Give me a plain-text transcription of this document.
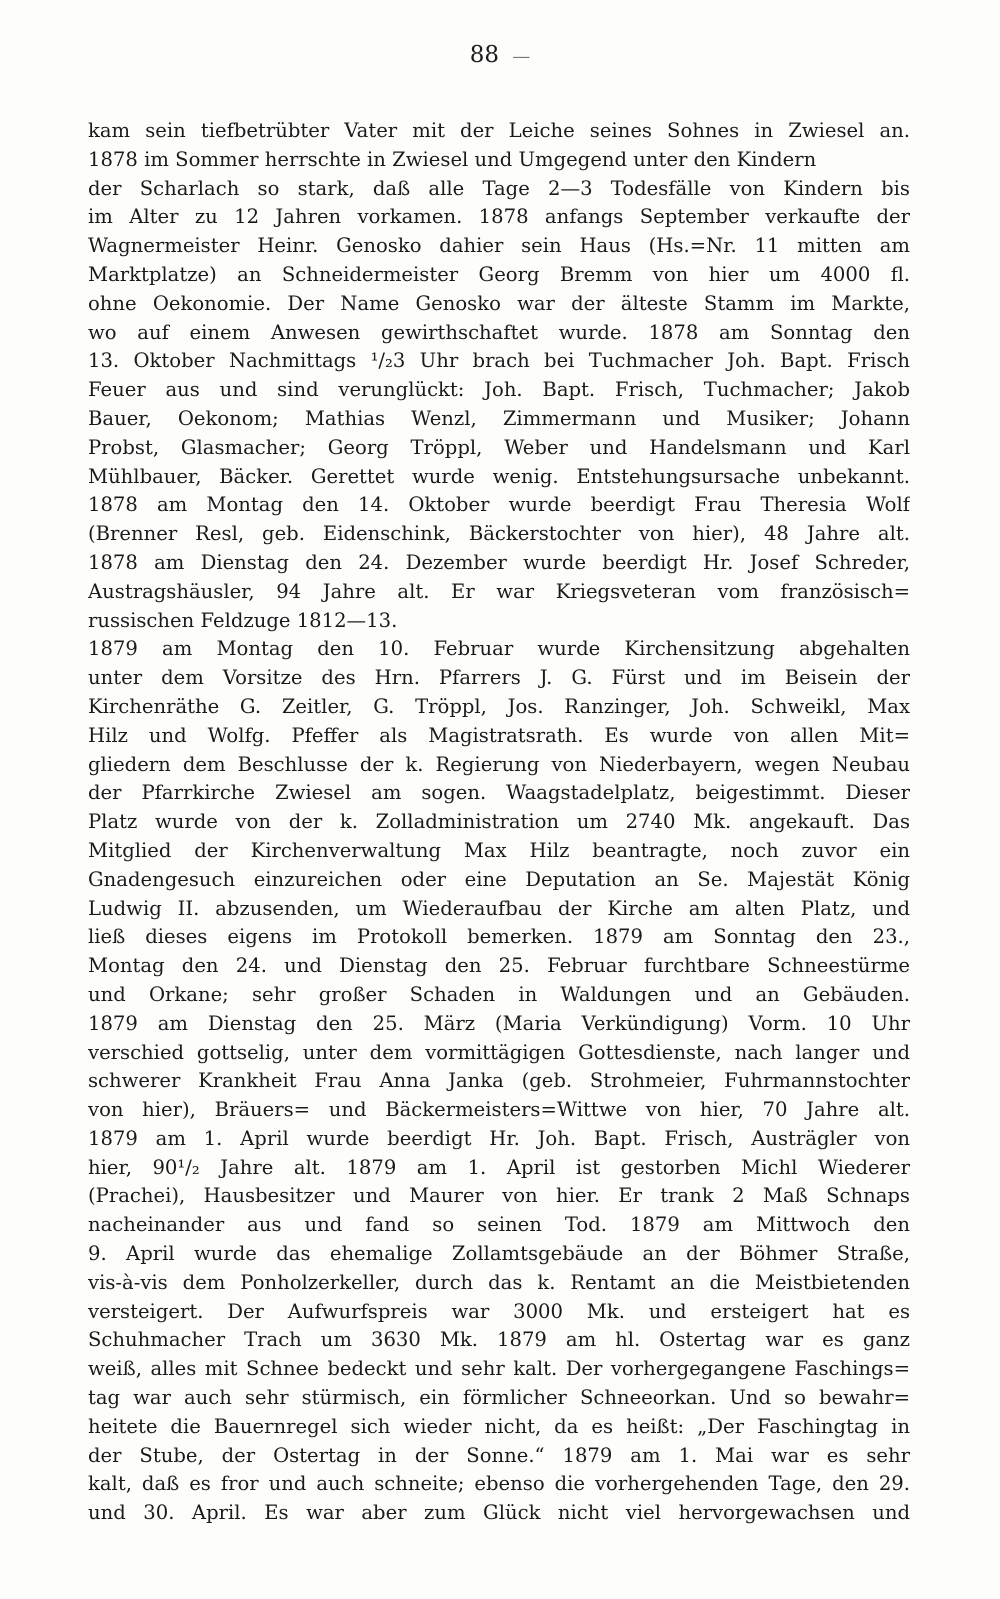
88 —
kam sein tiefbetrübter Vater mit der Leiche seines Sohnes in Zwiesel an.
1878 im Sommer herrschte in Zwiesel und Umgegend unter den Kindern
der Scharlach so stark, daß alle Tage 2—3 Todesfälle von Kindern bis
im Alter zu 12 Jahren vorkamen. 1878 anfangs September verkaufte der
Wagnermeister Heinr. Genosko dahier sein Haus (Hs.=Nr. 11 mitten am
Marktplatze) an Schneidermeister Georg Bremm von hier um 4000 fl.
ohne Oekonomie. Der Name Genosko war der älteste Stamm im Markte,
wo auf einem Anwesen gewirthschaftet wurde. 1878 am Sonntag den
13. Oktober Nachmittags ¹/₂3 Uhr brach bei Tuchmacher Joh. Bapt. Frisch
Feuer aus und sind verunglückt: Joh. Bapt. Frisch, Tuchmacher; Jakob
Bauer, Oekonom; Mathias Wenzl, Zimmermann und Musiker; Johann
Probst, Glasmacher; Georg Tröppl, Weber und Handelsmann und Karl
Mühlbauer, Bäcker. Gerettet wurde wenig. Entstehungsursache unbekannt.
1878 am Montag den 14. Oktober wurde beerdigt Frau Theresia Wolf
(Brenner Resl, geb. Eidenschink, Bäckerstochter von hier), 48 Jahre alt.
1878 am Dienstag den 24. Dezember wurde beerdigt Hr. Josef Schreder,
Austragshäusler, 94 Jahre alt. Er war Kriegsveteran vom französisch=
russischen Feldzuge 1812—13.
1879 am Montag den 10. Februar wurde Kirchensitzung abgehalten
unter dem Vorsitze des Hrn. Pfarrers J. G. Fürst und im Beisein der
Kirchenräthe G. Zeitler, G. Tröppl, Jos. Ranzinger, Joh. Schweikl, Max
Hilz und Wolfg. Pfeffer als Magistratsrath. Es wurde von allen Mit=
gliedern dem Beschlusse der k. Regierung von Niederbayern, wegen Neubau
der Pfarrkirche Zwiesel am sogen. Waagstadelplatz, beigestimmt. Dieser
Platz wurde von der k. Zolladministration um 2740 Mk. angekauft. Das
Mitglied der Kirchenverwaltung Max Hilz beantragte, noch zuvor ein
Gnadengesuch einzureichen oder eine Deputation an Se. Majestät König
Ludwig II. abzusenden, um Wiederaufbau der Kirche am alten Platz, und
ließ dieses eigens im Protokoll bemerken. 1879 am Sonntag den 23.,
Montag den 24. und Dienstag den 25. Februar furchtbare Schneestürme
und Orkane; sehr großer Schaden in Waldungen und an Gebäuden.
1879 am Dienstag den 25. März (Maria Verkündigung) Vorm. 10 Uhr
verschied gottselig, unter dem vormittägigen Gottesdienste, nach langer und
schwerer Krankheit Frau Anna Janka (geb. Strohmeier, Fuhrmannstochter
von hier), Bräuers= und Bäckermeisters=Wittwe von hier, 70 Jahre alt.
1879 am 1. April wurde beerdigt Hr. Joh. Bapt. Frisch, Austrägler von
hier, 90¹/₂ Jahre alt. 1879 am 1. April ist gestorben Michl Wiederer
(Prachei), Hausbesitzer und Maurer von hier. Er trank 2 Maß Schnaps
nacheinander aus und fand so seinen Tod. 1879 am Mittwoch den
9. April wurde das ehemalige Zollamtsgebäude an der Böhmer Straße,
vis-à-vis dem Ponholzerkeller, durch das k. Rentamt an die Meistbietenden
versteigert. Der Aufwurfspreis war 3000 Mk. und ersteigert hat es
Schuhmacher Trach um 3630 Mk. 1879 am hl. Ostertag war es ganz
weiß, alles mit Schnee bedeckt und sehr kalt. Der vorhergegangene Faschings=
tag war auch sehr stürmisch, ein förmlicher Schneeorkan. Und so bewahr=
heitete die Bauernregel sich wieder nicht, da es heißt: „Der Faschingtag in
der Stube, der Ostertag in der Sonne.“ 1879 am 1. Mai war es sehr
kalt, daß es fror und auch schneite; ebenso die vorhergehenden Tage, den 29.
und 30. April. Es war aber zum Glück nicht viel hervorgewachsen und
